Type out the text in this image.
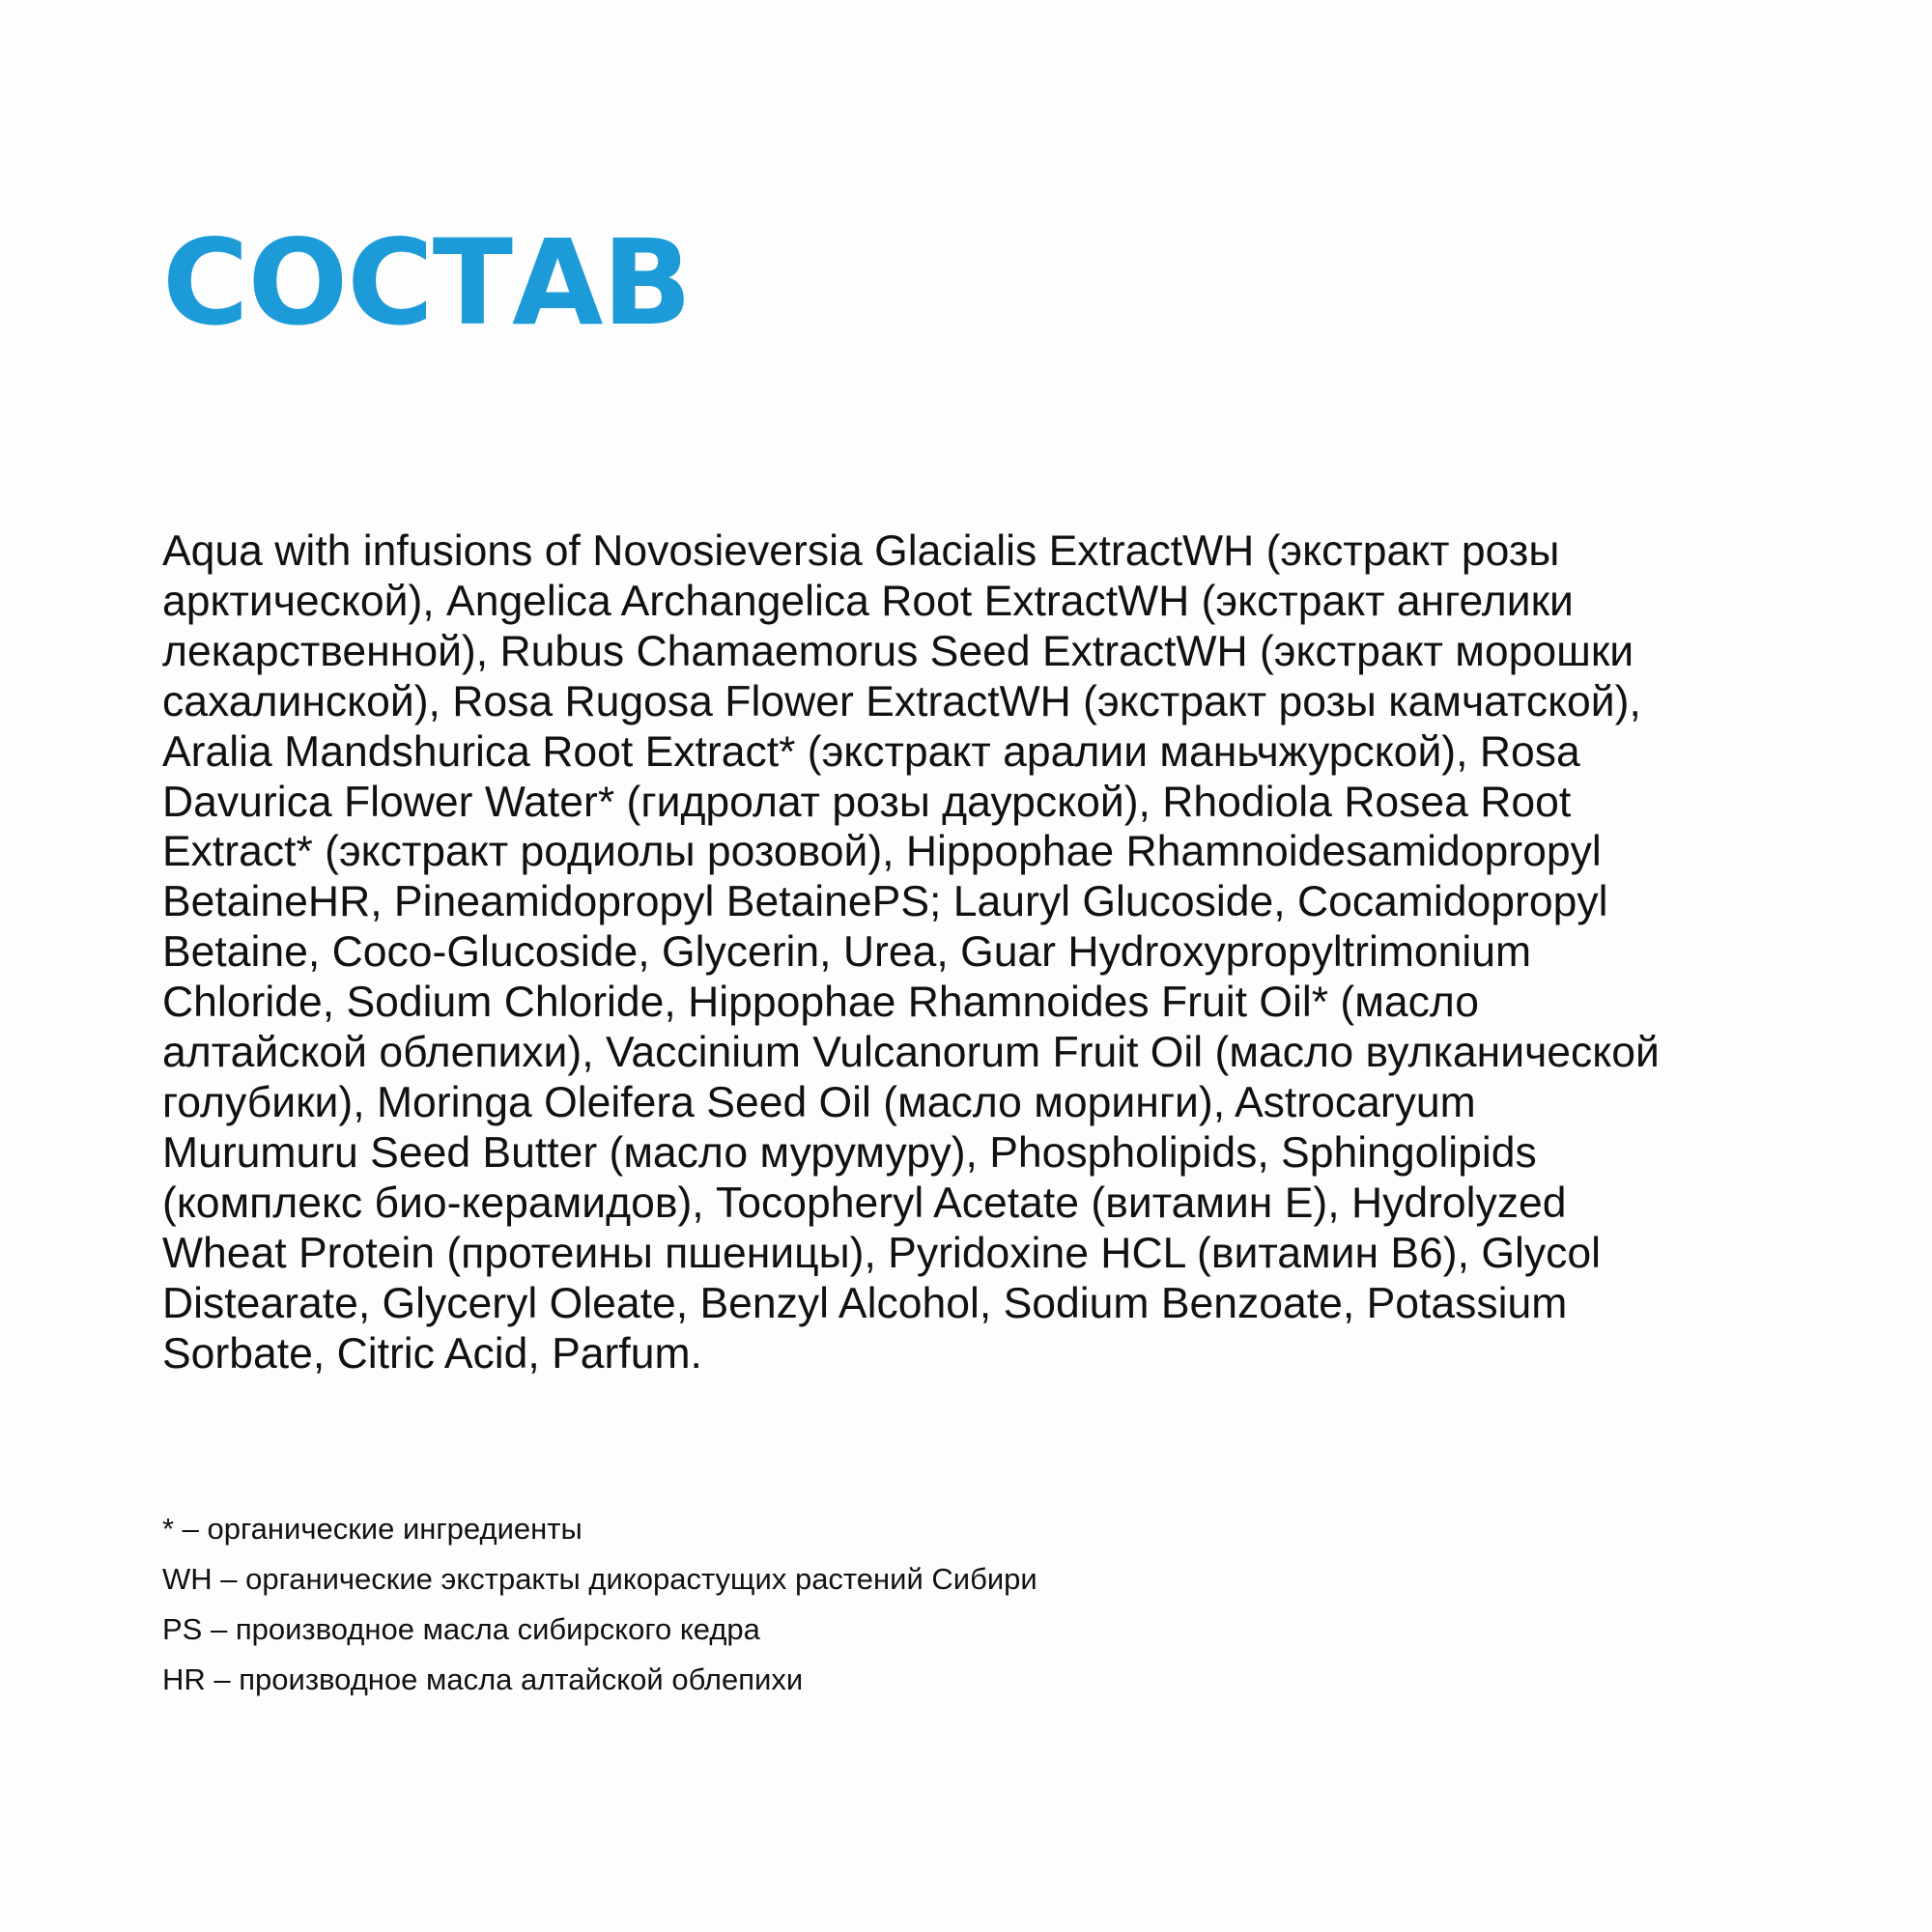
СОСТАВ

Aqua with infusions of Novosieversia Glacialis ExtractWH (экстракт розы
арктической), Angelica Archangelica Root ExtractWH (экстракт ангелики
лекарственной), Rubus Chamaemorus Seed ExtractWH (экстракт морошки
сахалинской), Rosa Rugosa Flower ExtractWH (экстракт розы камчатской),
Aralia Mandshurica Root Extract* (экстракт аралии маньчжурской), Rosa
Davurica Flower Water* (гидролат розы даурской), Rhodiola Rosea Root
Extract* (экстракт родиолы розовой), Hippophae Rhamnoidesamidopropyl
BetaineHR, Pineamidopropyl BetainePS; Lauryl Glucoside, Cocamidopropyl
Betaine, Coco-Glucoside, Glycerin, Urea, Guar Hydroxypropyltrimonium
Chloride, Sodium Chloride, Hippophae Rhamnoides Fruit Oil* (масло
алтайской облепихи), Vaccinium Vulcanorum Fruit Oil (масло вулканической
голубики), Moringa Oleifera Seed Oil (масло моринги), Astrocaryum
Murumuru Seed Butter (масло мурумуру), Phospholipids, Sphingolipids
(комплекс био-керамидов), Tocopheryl Acetate (витамин Е), Hydrolyzed
Wheat Protein (протеины пшеницы), Pyridoxine HCL (витамин В6), Glycol
Distearate, Glyceryl Oleate, Benzyl Alcohol, Sodium Benzoate, Potassium
Sorbate, Citric Acid, Parfum.

* – органические ингредиенты
WH – органические экстракты дикорастущих растений Сибири
PS – производное масла сибирского кедра
HR – производное масла алтайской облепихи
